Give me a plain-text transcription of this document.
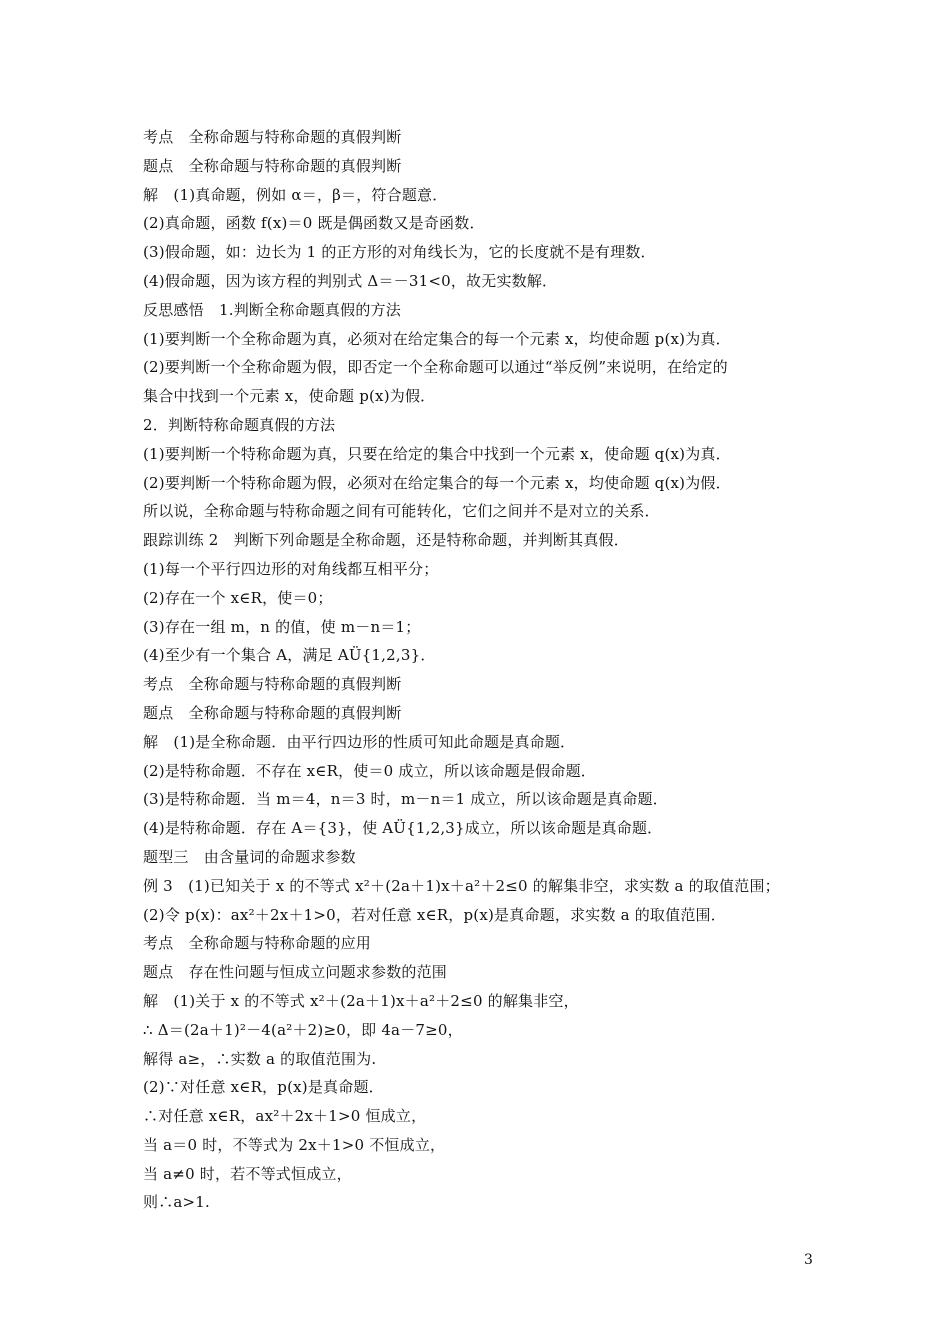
考点　全称命题与特称命题的真假判断
题点　全称命题与特称命题的真假判断
解　(1)真命题，例如 α＝，β＝，符合题意．
(2)真命题，函数 f(x)＝0 既是偶函数又是奇函数．
(3)假命题，如：边长为 1 的正方形的对角线长为，它的长度就不是有理数．
(4)假命题，因为该方程的判别式 Δ＝－31<0，故无实数解．
反思感悟　1.判断全称命题真假的方法
(1)要判断一个全称命题为真，必须对在给定集合的每一个元素 x，均使命题 p(x)为真．
(2)要判断一个全称命题为假，即否定一个全称命题可以通过“举反例”来说明，在给定的
集合中找到一个元素 x，使命题 p(x)为假．
2．判断特称命题真假的方法
(1)要判断一个特称命题为真，只要在给定的集合中找到一个元素 x，使命题 q(x)为真．
(2)要判断一个特称命题为假，必须对在给定集合的每一个元素 x，均使命题 q(x)为假．
所以说，全称命题与特称命题之间有可能转化，它们之间并不是对立的关系．
跟踪训练 2　判断下列命题是全称命题，还是特称命题，并判断其真假．
(1)每一个平行四边形的对角线都互相平分；
(2)存在一个 x∈R，使＝0；
(3)存在一组 m，n 的值，使 m－n＝1；
(4)至少有一个集合 A，满足 AÜ{1,2,3}．
考点　全称命题与特称命题的真假判断
题点　全称命题与特称命题的真假判断
解　(1)是全称命题．由平行四边形的性质可知此命题是真命题．
(2)是特称命题．不存在 x∈R，使＝0 成立，所以该命题是假命题．
(3)是特称命题．当 m＝4，n＝3 时，m－n＝1 成立，所以该命题是真命题．
(4)是特称命题．存在 A＝{3}，使 AÜ{1,2,3}成立，所以该命题是真命题．
题型三　由含量词的命题求参数
例 3　(1)已知关于 x 的不等式 x²＋(2a＋1)x＋a²＋2≤0 的解集非空，求实数 a 的取值范围；
(2)令 p(x)：ax²＋2x＋1>0，若对任意 x∈R，p(x)是真命题，求实数 a 的取值范围．
考点　全称命题与特称命题的应用
题点　存在性问题与恒成立问题求参数的范围
解　(1)关于 x 的不等式 x²＋(2a＋1)x＋a²＋2≤0 的解集非空，
∴ Δ＝(2a＋1)²－4(a²＋2)≥0，即 4a－7≥0，
解得 a≥，∴实数 a 的取值范围为.
(2)∵对任意 x∈R，p(x)是真命题．
∴对任意 x∈R，ax²＋2x＋1>0 恒成立，
当 a＝0 时，不等式为 2x＋1>0 不恒成立，
当 a≠0 时，若不等式恒成立，
则∴a>1.
3
